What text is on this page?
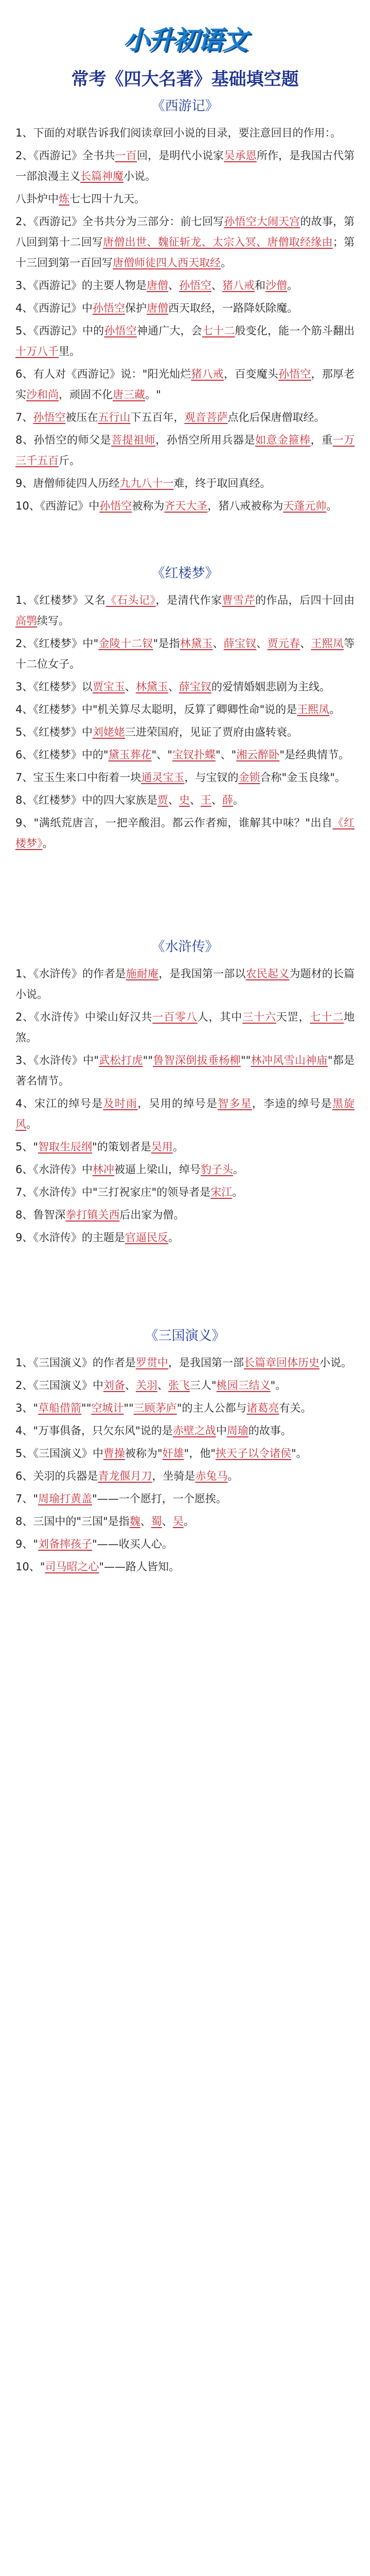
小升初语文
常考《四大名著》基础填空题
《西游记》

1、下面的对联告诉我们阅读章回小说的目录，要注意回目的作用：。

2、《西游记》全书共一百回，是明代小说家吴承恩所作，是我国古代第一部浪漫主义长篇神魔小说。

八卦炉中炼七七四十九天。

2、《西游记》全书共分为三部分：前七回写孙悟空大闹天宫的故事，第八回到第十二回写唐僧出世、魏征斩龙、太宗入冥、唐僧取经缘由；第十三回到第一百回写唐僧师徒四人西天取经。

3、《西游记》的主要人物是唐僧、孙悟空、猪八戒和沙僧。

4、《西游记》中孙悟空保护唐僧西天取经，一路降妖除魔。

5、《西游记》中的孙悟空神通广大，会七十二般变化，能一个筋斗翻出十万八千里。

6、有人对《西游记》说："阳光灿烂猪八戒，百变魔头孙悟空，那厚老实沙和尚，顽固不化唐三藏。"

7、孙悟空被压在五行山下五百年，观音菩萨点化后保唐僧取经。

8、孙悟空的师父是菩提祖师，孙悟空所用兵器是如意金箍棒，重一万三千五百斤。

9、唐僧师徒四人历经九九八十一难，终于取回真经。

10、《西游记》中孙悟空被称为齐天大圣，猪八戒被称为天蓬元帅。

《红楼梦》

1、《红楼梦》又名《石头记》，是清代作家曹雪芹的作品，后四十回由高鹗续写。

2、《红楼梦》中"金陵十二钗"是指林黛玉、薛宝钗、贾元春、王熙凤等十二位女子。

3、《红楼梦》以贾宝玉、林黛玉、薛宝钗的爱情婚姻悲剧为主线。

4、《红楼梦》中"机关算尽太聪明，反算了卿卿性命"说的是王熙凤。

5、《红楼梦》中刘姥姥三进荣国府，见证了贾府由盛转衰。

6、《红楼梦》中的"黛玉葬花"、"宝钗扑蝶"、"湘云醉卧"是经典情节。

7、宝玉生来口中衔着一块通灵宝玉，与宝钗的金锁合称"金玉良缘"。

8、《红楼梦》中的四大家族是贾、史、王、薛。

9、"满纸荒唐言，一把辛酸泪。都云作者痴，谁解其中味？"出自《红楼梦》。

《水浒传》

1、《水浒传》的作者是施耐庵，是我国第一部以农民起义为题材的长篇小说。

2、《水浒传》中梁山好汉共一百零八人，其中三十六天罡，七十二地煞。

3、《水浒传》中"武松打虎""鲁智深倒拔垂杨柳""林冲风雪山神庙"都是著名情节。

4、宋江的绰号是及时雨，吴用的绰号是智多星，李逵的绰号是黑旋风。

5、"智取生辰纲"的策划者是吴用。

6、《水浒传》中林冲被逼上梁山，绰号豹子头。

7、《水浒传》中"三打祝家庄"的领导者是宋江。

8、鲁智深拳打镇关西后出家为僧。

9、《水浒传》的主题是官逼民反。

《三国演义》

1、《三国演义》的作者是罗贯中，是我国第一部长篇章回体历史小说。

2、《三国演义》中刘备、关羽、张飞三人"桃园三结义"。

3、"草船借箭""空城计""三顾茅庐"的主人公都与诸葛亮有关。

4、"万事俱备，只欠东风"说的是赤壁之战中周瑜的故事。

5、《三国演义》中曹操被称为"奸雄"，他"挟天子以令诸侯"。

6、关羽的兵器是青龙偃月刀，坐骑是赤兔马。

7、"周瑜打黄盖"——一个愿打，一个愿挨。

8、三国中的"三国"是指魏、蜀、吴。

9、"刘备摔孩子"——收买人心。

10、"司马昭之心"——路人皆知。
